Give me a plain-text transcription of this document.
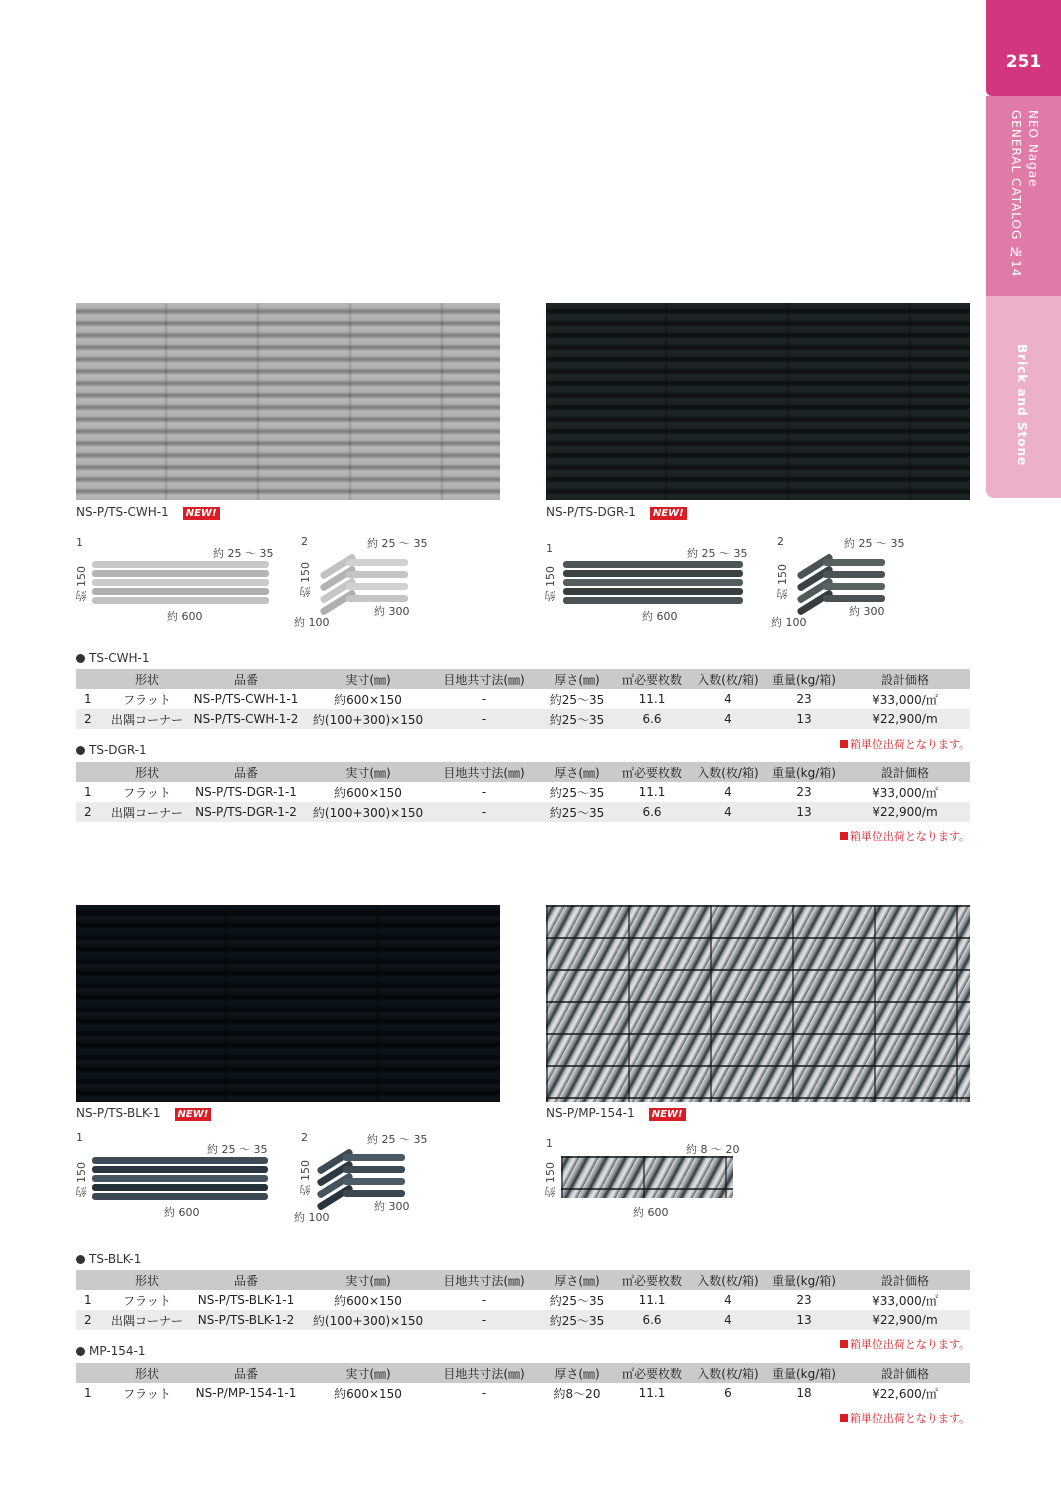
251
NEO Nagae
GENERAL CATALOG №14
Brick and Stone
NS-P/TS-CWH-1 NEW!
1
約 25 ～ 35
約 150
約 600
2	約 25 ～ 35
約 150
約 300
約 100
NS-P/TS-DGR-1 NEW!
1	約 25 ～ 35
約 150
約 600
2	約 25 ～ 35
約 150
約 300
約 100
TS-CWH-1
	形状	品番	実寸(㎜)	目地共寸法(㎜)	厚さ(㎜)	㎡必要枚数	入数(枚/箱)	重量(kg/箱)	設計価格
1	フラット	NS-P/TS-CWH-1-1	約600×150	-	約25～35	11.1	4	23	¥33,000/㎡
2	出隅コーナー	NS-P/TS-CWH-1-2	約(100+300)×150	-	約25～35	6.6	4	13	¥22,900/m
箱単位出荷となります。
TS-DGR-1
	形状	品番	実寸(㎜)	目地共寸法(㎜)	厚さ(㎜)	㎡必要枚数	入数(枚/箱)	重量(kg/箱)	設計価格
1	フラット	NS-P/TS-DGR-1-1	約600×150	-	約25～35	11.1	4	23	¥33,000/㎡
2	出隅コーナー	NS-P/TS-DGR-1-2	約(100+300)×150	-	約25～35	6.6	4	13	¥22,900/m
箱単位出荷となります。
NS-P/TS-BLK-1 NEW!
1
約 25 ～ 35
約 150
約 600
2	約 25 ～ 35
約 150
約 300
約 100
NS-P/MP-154-1 NEW!
1	約 8 ～ 20
約 150
約 600
TS-BLK-1
	形状	品番	実寸(㎜)	目地共寸法(㎜)	厚さ(㎜)	㎡必要枚数	入数(枚/箱)	重量(kg/箱)	設計価格
1	フラット	NS-P/TS-BLK-1-1	約600×150	-	約25～35	11.1	4	23	¥33,000/㎡
2	出隅コーナー	NS-P/TS-BLK-1-2	約(100+300)×150	-	約25～35	6.6	4	13	¥22,900/m
箱単位出荷となります。
MP-154-1
	形状	品番	実寸(㎜)	目地共寸法(㎜)	厚さ(㎜)	㎡必要枚数	入数(枚/箱)	重量(kg/箱)	設計価格
1	フラット	NS-P/MP-154-1-1	約600×150	-	約8～20	11.1	6	18	¥22,600/㎡
箱単位出荷となります。
